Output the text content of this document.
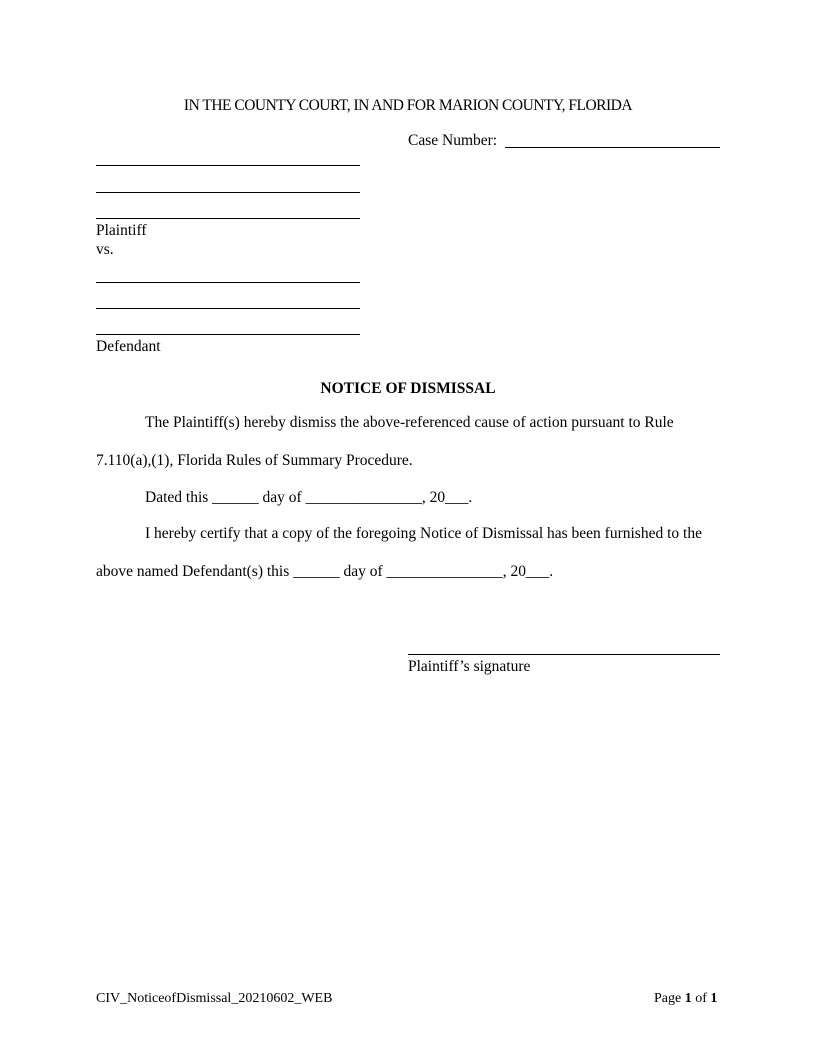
IN THE COUNTY COURT, IN AND FOR MARION COUNTY, FLORIDA
Case Number:
Plaintiff
vs.
Defendant
NOTICE OF DISMISSAL
The Plaintiff(s) hereby dismiss the above-referenced cause of action pursuant to Rule
7.110(a),(1), Florida Rules of Summary Procedure.
Dated this ______ day of _______________, 20___.
I hereby certify that a copy of the foregoing Notice of Dismissal has been furnished to the
above named Defendant(s) this ______ day of _______________, 20___.
Plaintiff’s signature
CIV_NoticeofDismissal_20210602_WEB	Page 1 of 1
